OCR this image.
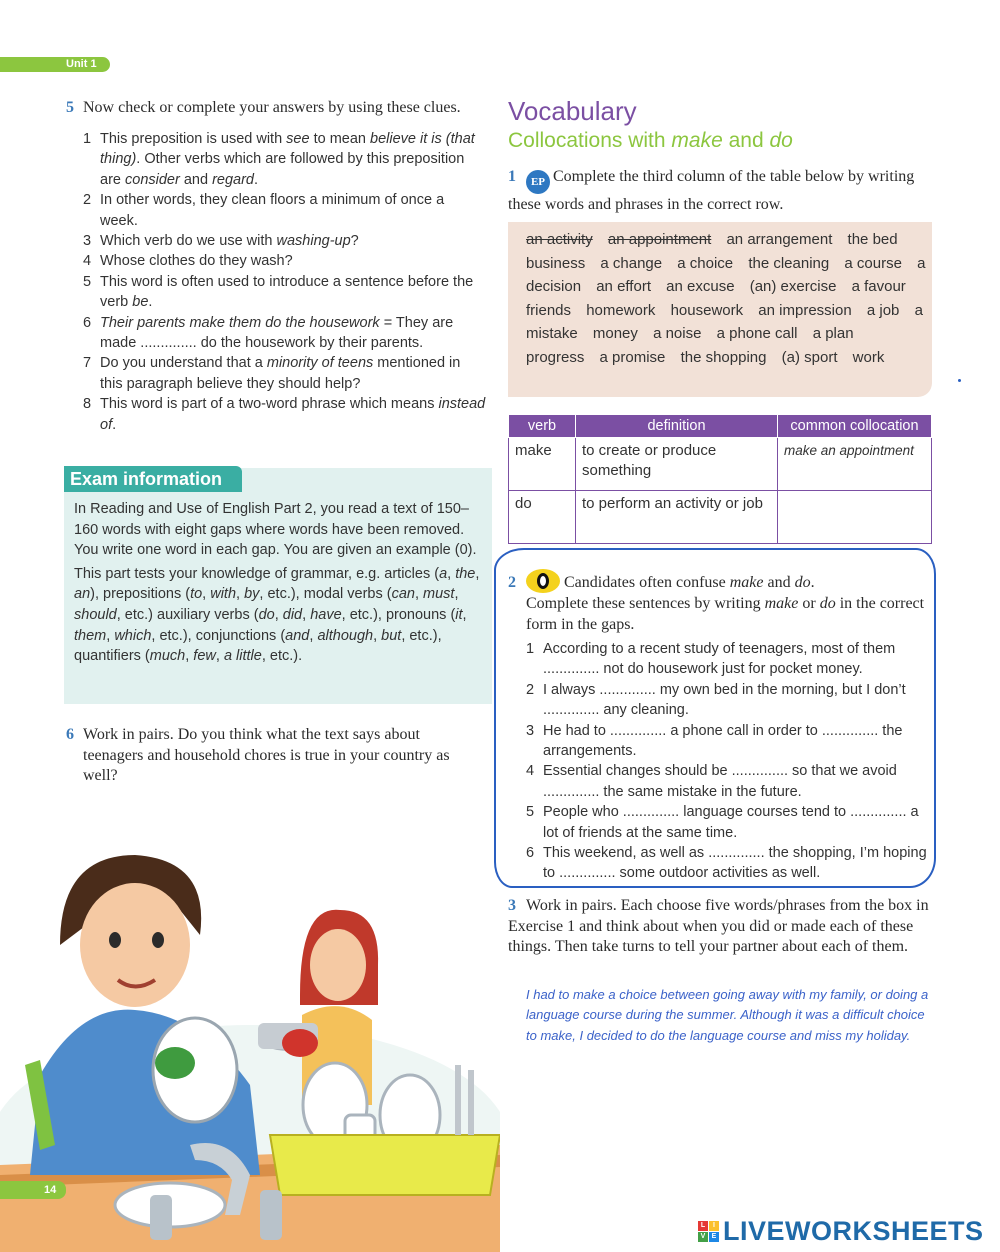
Unit 1
5 Now check or complete your answers by using these clues.
1 This preposition is used with see to mean believe it is (that thing). Other verbs which are followed by this preposition are consider and regard.
2 In other words, they clean floors a minimum of once a week.
3 Which verb do we use with washing-up?
4 Whose clothes do they wash?
5 This word is often used to introduce a sentence before the verb be.
6 Their parents make them do the housework = They are made .............. do the housework by their parents.
7 Do you understand that a minority of teens mentioned in this paragraph believe they should help?
8 This word is part of a two-word phrase which means instead of.
Exam information

In Reading and Use of English Part 2, you read a text of 150–160 words with eight gaps where words have been removed. You write one word in each gap. You are given an example (0).

This part tests your knowledge of grammar, e.g. articles (a, the, an), prepositions (to, with, by, etc.), modal verbs (can, must, should, etc.) auxiliary verbs (do, did, have, etc.), pronouns (it, them, which, etc.), conjunctions (and, although, but, etc.), quantifiers (much, few, a little, etc.).

6 Work in pairs. Do you think what the text says about teenagers and household chores is true in your country as well?
Vocabulary
Collocations with make and do
1 EP Complete the third column of the table below by writing these words and phrases in the correct row.
an activity an appointment an arrangement the bed business a change a choice the cleaning a course a decision an effort an excuse (an) exercise a favour friends homework housework an impression a job a mistake money a noise a phone call a plan progress a promise the shopping (a) sport work
verb	definition	common collocation
make	to create or produce something	make an appointment
do	to perform an activity or job	
2	Candidates often confuse make and do.
Complete these sentences by writing make or do in the correct form in the gaps.
1 According to a recent study of teenagers, most of them .............. not do housework just for pocket money.
2 I always .............. my own bed in the morning, but I don’t .............. any cleaning.
3 He had to .............. a phone call in order to .............. the arrangements.
4 Essential changes should be .............. so that we avoid .............. the same mistake in the future.
5 People who .............. language courses tend to .............. a lot of friends at the same time.
6 This weekend, as well as .............. the shopping, I’m hoping to .............. some outdoor activities as well.
3 Work in pairs. Each choose five words/phrases from the box in Exercise 1 and think about when you did or made each of these things. Then take turns to tell your partner about each of them.
I had to make a choice between going away with my family, or doing a language course during the summer. Although it was a difficult choice to make, I decided to do the language course and miss my holiday.
14
L	I
V E LIVEWORKSHEETS
